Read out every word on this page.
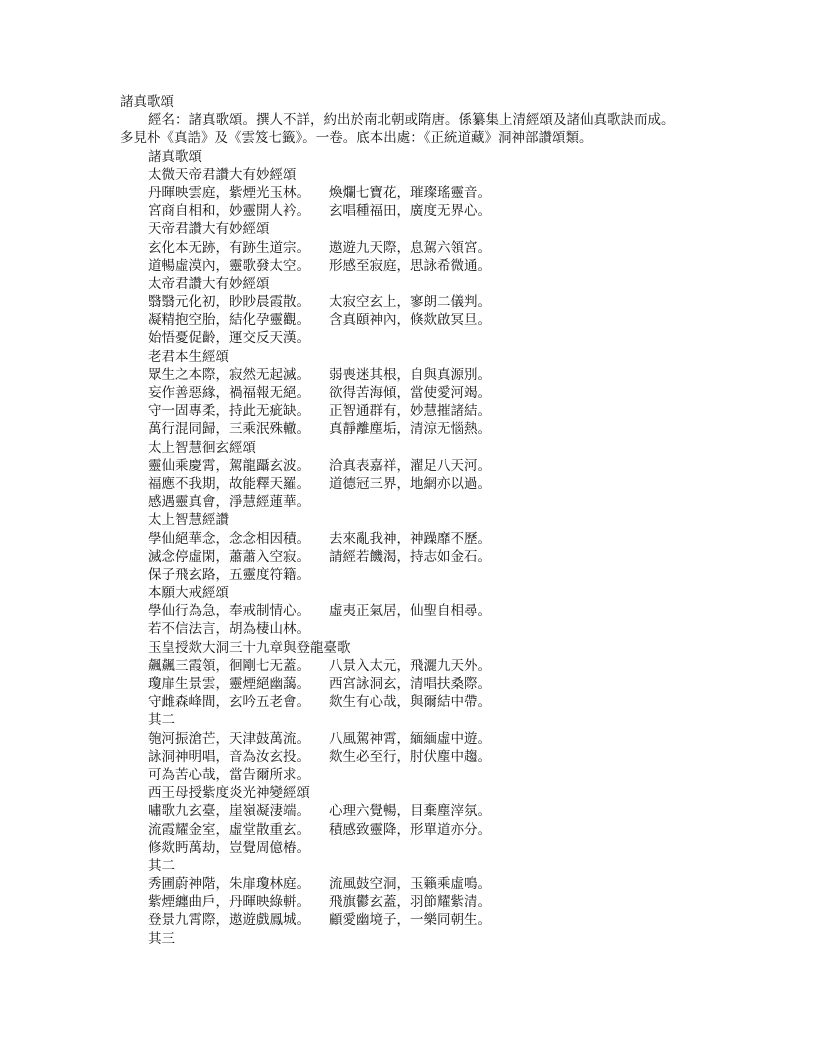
諸真歌頌
經名：諸真歌頌。撰人不詳，約出於南北朝或隋唐。係纂集上清經頌及諸仙真歌訣而成。
多見朴《真誥》及《雲笈七籤》。一卷。底本出處：《正統道藏》洞神部讚頌類。
諸真歌頌
太微天帝君讚大有妙經頌
丹暉映雲庭，紫煙光玉林。 煥爛七寶花，璀璨瑤靈音。
宮商自相和，妙靈開人衿。 玄唱種福田，廣度无界心。
天帝君讚大有妙經頌
玄化本无跡，有跡生道宗。 遨遊九天際，息駕六領宮。
道暢虛漠內，靈歌發太空。 形感至寂庭，思詠希微通。
太帝君讚大有妙經頌
翳翳元化初，眇眇晨霞散。 太寂空玄上，寥朗二儀判。
凝精抱空胎，結化孕靈觀。 含真頤神內，倏欻啟冥旦。
始悟憂促齡，運交反天漢。
老君本生經頌
眾生之本際，寂然无起滅。 弱喪迷其根，自與真源別。
妄作善惡緣，禍福報无絕。 欲得苦海傾，當使愛河竭。
守一固專柔，持此无疵缺。 正智通群有，妙慧摧諸結。
萬行混同歸，三乘泯殊轍。 真靜離塵垢，清涼无惱熱。
太上智慧徊玄經頌
靈仙乘慶霄，駕龍躡玄波。 洽真表嘉祥，濯足八天河。
福應不我期，故能釋天羅。 道德冠三界，地網亦以過。
感遇靈真會，淨慧經蓮華。
太上智慧經讚
學仙絕華念，念念相因積。 去來亂我神，神躁靡不歷。
滅念停虛閑，蕭蕭入空寂。 請經若饑渴，持志如金石。
保子飛玄路，五靈度符籍。
本願大戒經頌
學仙行為急，奉戒制情心。 虛夷正氣居，仙聖自相尋。
若不信法言，胡為棲山林。
玉皇授欻大洞三十九章與登龍臺歌
飆飆三霞領，徊剛七无蓋。 八景入太元，飛灑九天外。
瓊扉生景雲，靈煙絕幽藹。 西宮詠洞玄，清唱扶桑際。
守雌森峰間，玄吟五老會。 欻生有心哉，與爾結中帶。
其二
匏河振滄芒，天津鼓萬流。 八風駕神霄，緬緬虛中遊。
詠洞神明唱，音為汝玄投。 欻生必至行，肘伏塵中趨。
可為苦心哉，當告爾所求。
西王母授紫度炎光神變經頌
嘯歌九玄臺，崖嶺凝淒端。 心理六覺暢，目棄塵滓氛。
流霞耀金室，虛堂散重玄。 積感致靈降，形單道亦分。
修欻眄萬劫，豈覺周億椿。
其二
秀圃蔚神階，朱扉瓊林庭。 流風鼓空洞，玉籟乘虛鳴。
紫煙纏曲戶，丹暉映綠軿。 飛旗鬱玄蓋，羽節耀紫清。
登景九霄際，遨遊戲鳳城。 顧愛幽境子，一樂同朝生。
其三
